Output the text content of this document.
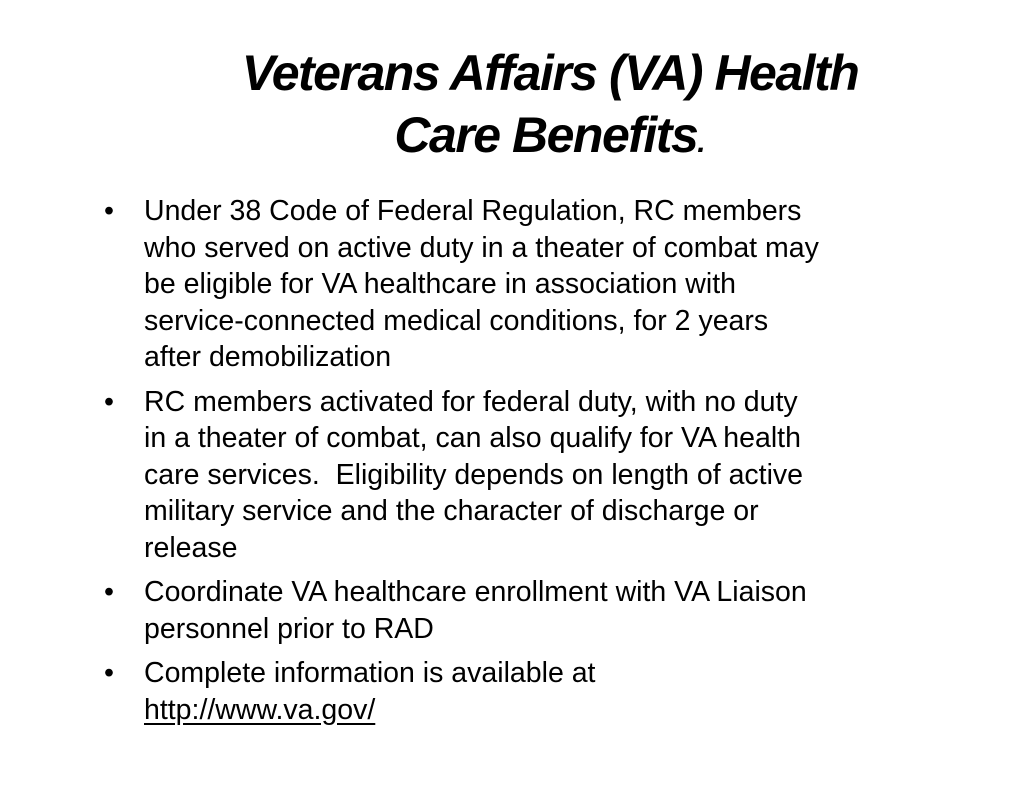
Veterans Affairs (VA) Health
Care Benefits.
• Under 38 Code of Federal Regulation, RC members
who served on active duty in a theater of combat may
be eligible for VA healthcare in association with
service-connected medical conditions, for 2 years
after demobilization
• RC members activated for federal duty, with no duty
in a theater of combat, can also qualify for VA health
care services.  Eligibility depends on length of active
military service and the character of discharge or
release
• Coordinate VA healthcare enrollment with VA Liaison
personnel prior to RAD
• Complete information is available at
http://www.va.gov/
